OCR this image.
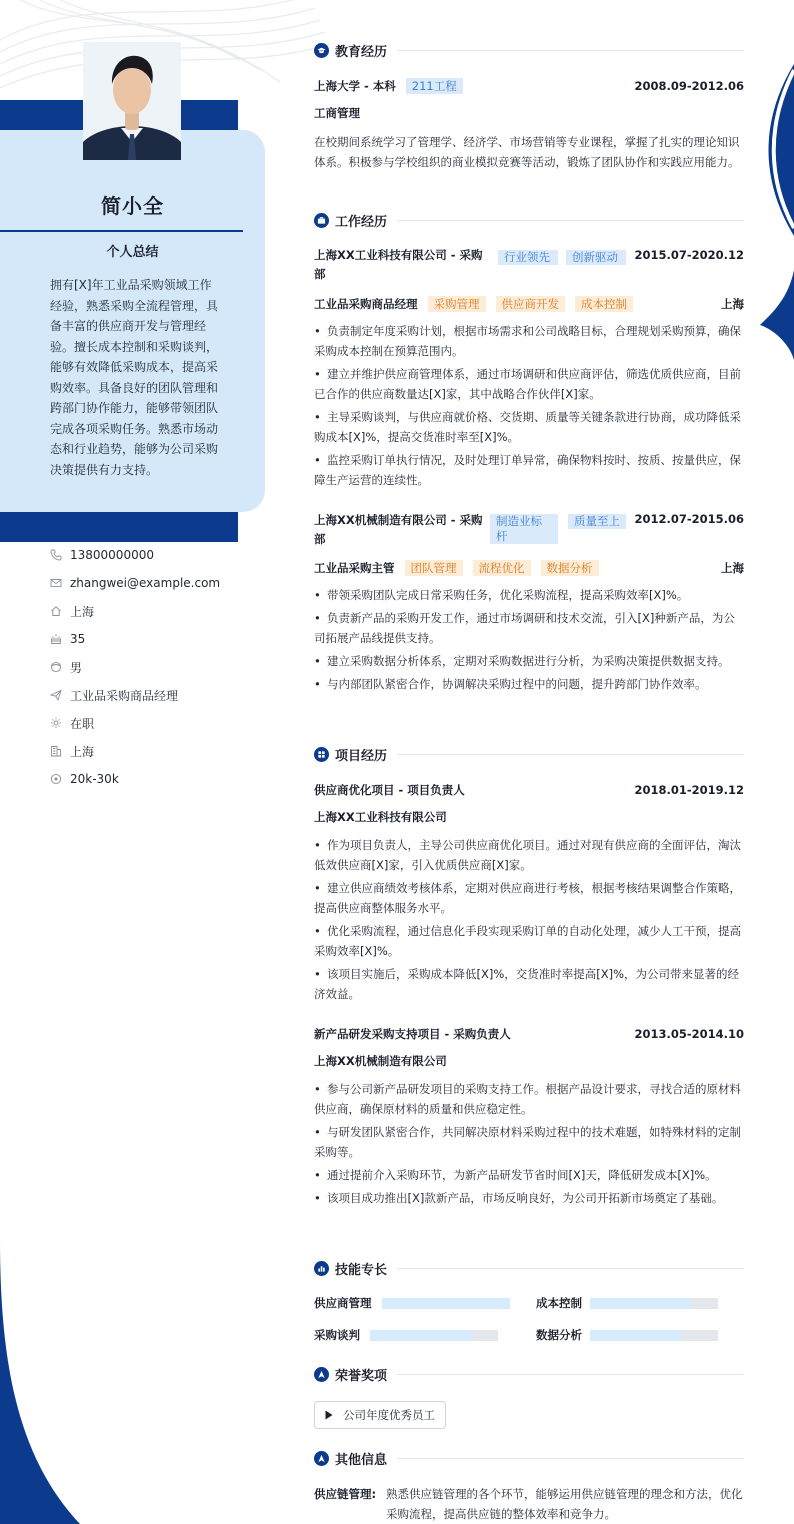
简小全
个人总结
拥有[X]年工业品采购领域工作经验，熟悉采购全流程管理，具备丰富的供应商开发与管理经验。擅长成本控制和采购谈判，能够有效降低采购成本，提高采购效率。具备良好的团队管理和跨部门协作能力，能够带领团队完成各项采购任务。熟悉市场动态和行业趋势，能够为公司采购决策提供有力支持。
13800000000
zhangwei@example.com
上海
35
男
工业品采购商品经理
在职
上海
20k-30k
教育经历
上海大学 - 本科	211工程	2008.09-2012.06
工商管理
在校期间系统学习了管理学、经济学、市场营销等专业课程，掌握了扎实的理论知识体系。积极参与学校组织的商业模拟竞赛等活动，锻炼了团队协作和实践应用能力。
工作经历
上海XX工业科技有限公司 - 采购部
行业领先	创新驱动	2015.07-2020.12
工业品采购商品经理	采购管理	供应商开发	成本控制	上海
• 负责制定年度采购计划，根据市场需求和公司战略目标，合理规划采购预算，确保采购成本控制在预算范围内。
• 建立并维护供应商管理体系，通过市场调研和供应商评估，筛选优质供应商，目前已合作的供应商数量达[X]家，其中战略合作伙伴[X]家。
• 主导采购谈判，与供应商就价格、交货期、质量等关键条款进行协商，成功降低采购成本[X]%，提高交货准时率至[X]%。
• 监控采购订单执行情况，及时处理订单异常，确保物料按时、按质、按量供应，保障生产运营的连续性。
上海XX机械制造有限公司 - 采购部
制造业标杆
质量至上	2012.07-2015.06
工业品采购主管	团队管理	流程优化	数据分析	上海
• 带领采购团队完成日常采购任务，优化采购流程，提高采购效率[X]%。
• 负责新产品的采购开发工作，通过市场调研和技术交流，引入[X]种新产品，为公司拓展产品线提供支持。
• 建立采购数据分析体系，定期对采购数据进行分析，为采购决策提供数据支持。
• 与内部团队紧密合作，协调解决采购过程中的问题，提升跨部门协作效率。
项目经历
供应商优化项目 - 项目负责人	2018.01-2019.12
上海XX工业科技有限公司
• 作为项目负责人，主导公司供应商优化项目。通过对现有供应商的全面评估，淘汰低效供应商[X]家，引入优质供应商[X]家。
• 建立供应商绩效考核体系，定期对供应商进行考核，根据考核结果调整合作策略，提高供应商整体服务水平。
• 优化采购流程，通过信息化手段实现采购订单的自动化处理，减少人工干预，提高采购效率[X]%。
• 该项目实施后，采购成本降低[X]%，交货准时率提高[X]%，为公司带来显著的经济效益。
新产品研发采购支持项目 - 采购负责人	2013.05-2014.10
上海XX机械制造有限公司
• 参与公司新产品研发项目的采购支持工作。根据产品设计要求，寻找合适的原材料供应商，确保原材料的质量和供应稳定性。
• 与研发团队紧密合作，共同解决原材料采购过程中的技术难题，如特殊材料的定制采购等。
• 通过提前介入采购环节，为新产品研发节省时间[X]天，降低研发成本[X]%。
• 该项目成功推出[X]款新产品，市场反响良好，为公司开拓新市场奠定了基础。
技能专长
供应商管理	成本控制
采购谈判	数据分析
荣誉奖项
公司年度优秀员工
其他信息
供应链管理: 熟悉供应链管理的各个环节，能够运用供应链管理的理念和方法，优化采购流程，提高供应链的整体效率和竞争力。
